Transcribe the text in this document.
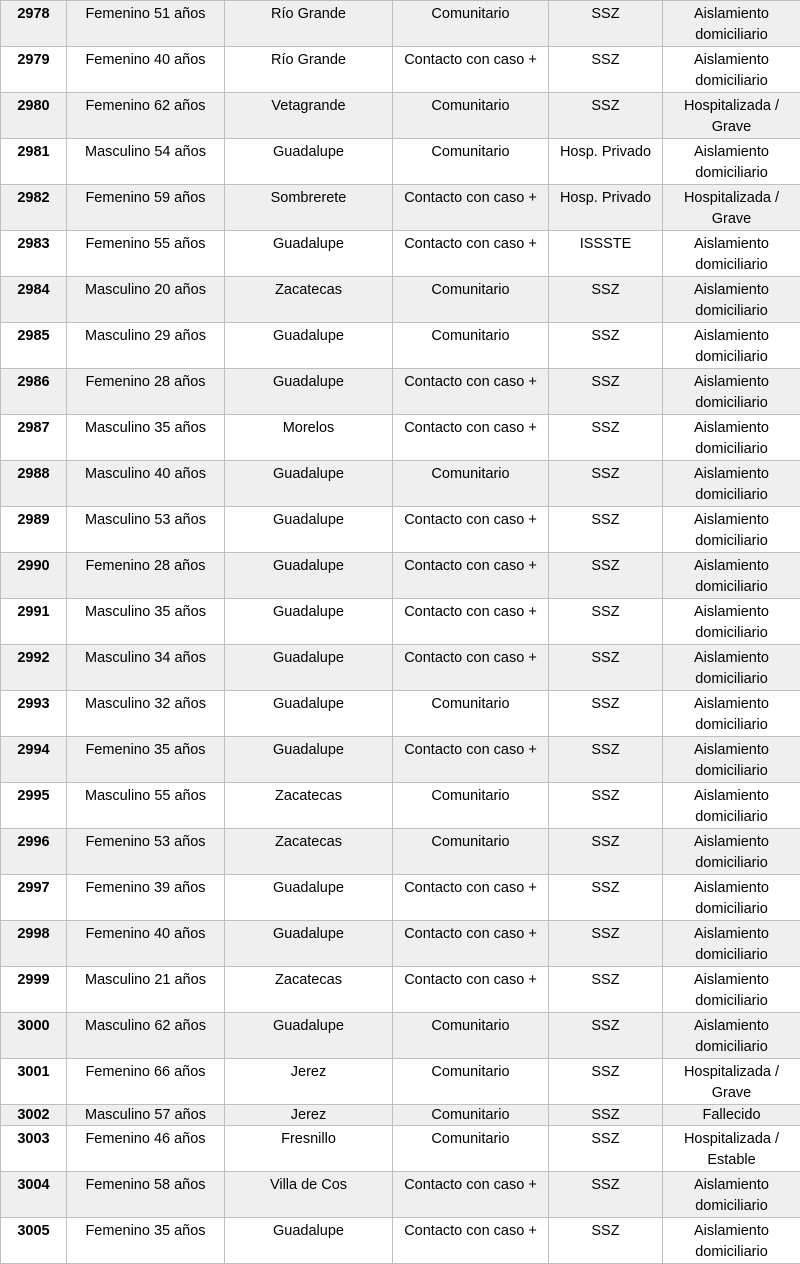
2978	Femenino 51 años	Río Grande	Comunitario	SSZ	Aislamiento domiciliario
2979	Femenino 40 años	Río Grande	Contacto con caso +	SSZ	Aislamiento domiciliario
2980	Femenino 62 años	Vetagrande	Comunitario	SSZ	Hospitalizada / Grave
2981	Masculino 54 años	Guadalupe	Comunitario	Hosp. Privado	Aislamiento domiciliario
2982	Femenino 59 años	Sombrerete	Contacto con caso +	Hosp. Privado	Hospitalizada / Grave
2983	Femenino 55 años	Guadalupe	Contacto con caso +	ISSSTE	Aislamiento domiciliario
2984	Masculino 20 años	Zacatecas	Comunitario	SSZ	Aislamiento domiciliario
2985	Masculino 29 años	Guadalupe	Comunitario	SSZ	Aislamiento domiciliario
2986	Femenino 28 años	Guadalupe	Contacto con caso +	SSZ	Aislamiento domiciliario
2987	Masculino 35 años	Morelos	Contacto con caso +	SSZ	Aislamiento domiciliario
2988	Masculino 40 años	Guadalupe	Comunitario	SSZ	Aislamiento domiciliario
2989	Masculino 53 años	Guadalupe	Contacto con caso +	SSZ	Aislamiento domiciliario
2990	Femenino 28 años	Guadalupe	Contacto con caso +	SSZ	Aislamiento domiciliario
2991	Masculino 35 años	Guadalupe	Contacto con caso +	SSZ	Aislamiento domiciliario
2992	Masculino 34 años	Guadalupe	Contacto con caso +	SSZ	Aislamiento domiciliario
2993	Masculino 32 años	Guadalupe	Comunitario	SSZ	Aislamiento domiciliario
2994	Femenino 35 años	Guadalupe	Contacto con caso +	SSZ	Aislamiento domiciliario
2995	Masculino 55 años	Zacatecas	Comunitario	SSZ	Aislamiento domiciliario
2996	Femenino 53 años	Zacatecas	Comunitario	SSZ	Aislamiento domiciliario
2997	Femenino 39 años	Guadalupe	Contacto con caso +	SSZ	Aislamiento domiciliario
2998	Femenino 40 años	Guadalupe	Contacto con caso +	SSZ	Aislamiento domiciliario
2999	Masculino 21 años	Zacatecas	Contacto con caso +	SSZ	Aislamiento domiciliario
3000	Masculino 62 años	Guadalupe	Comunitario	SSZ	Aislamiento domiciliario
3001	Femenino 66 años	Jerez	Comunitario	SSZ	Hospitalizada / Grave
3002	Masculino 57 años	Jerez	Comunitario	SSZ	Fallecido
3003	Femenino 46 años	Fresnillo	Comunitario	SSZ	Hospitalizada / Estable
3004	Femenino 58 años	Villa de Cos	Contacto con caso +	SSZ	Aislamiento domiciliario
3005	Femenino 35 años	Guadalupe	Contacto con caso +	SSZ	Aislamiento domiciliario
